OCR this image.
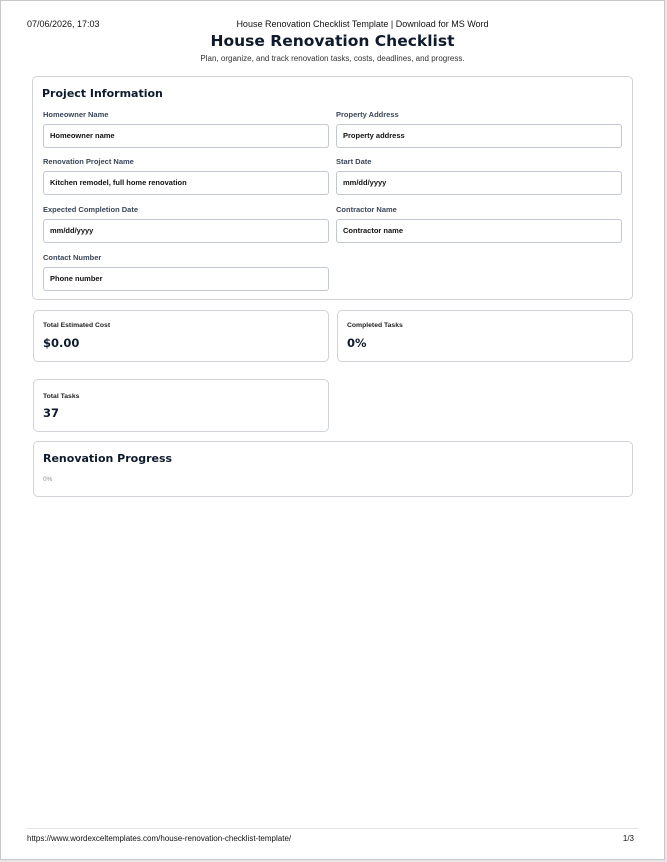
07/06/2026, 17:03	House Renovation Checklist Template | Download for MS Word
House Renovation Checklist
Plan, organize, and track renovation tasks, costs, deadlines, and progress.
Project Information
Homeowner Name
Homeowner name
Property Address
Property address
Renovation Project Name
Kitchen remodel, full home renovation
Start Date
mm/dd/yyyy
Expected Completion Date
mm/dd/yyyy
Contractor Name
Contractor name
Contact Number
Phone number
Total Estimated Cost
$0.00
Completed Tasks
0%
Total Tasks
37
Renovation Progress
0%
https://www.wordexceltemplates.com/house-renovation-checklist-template/	1/3
